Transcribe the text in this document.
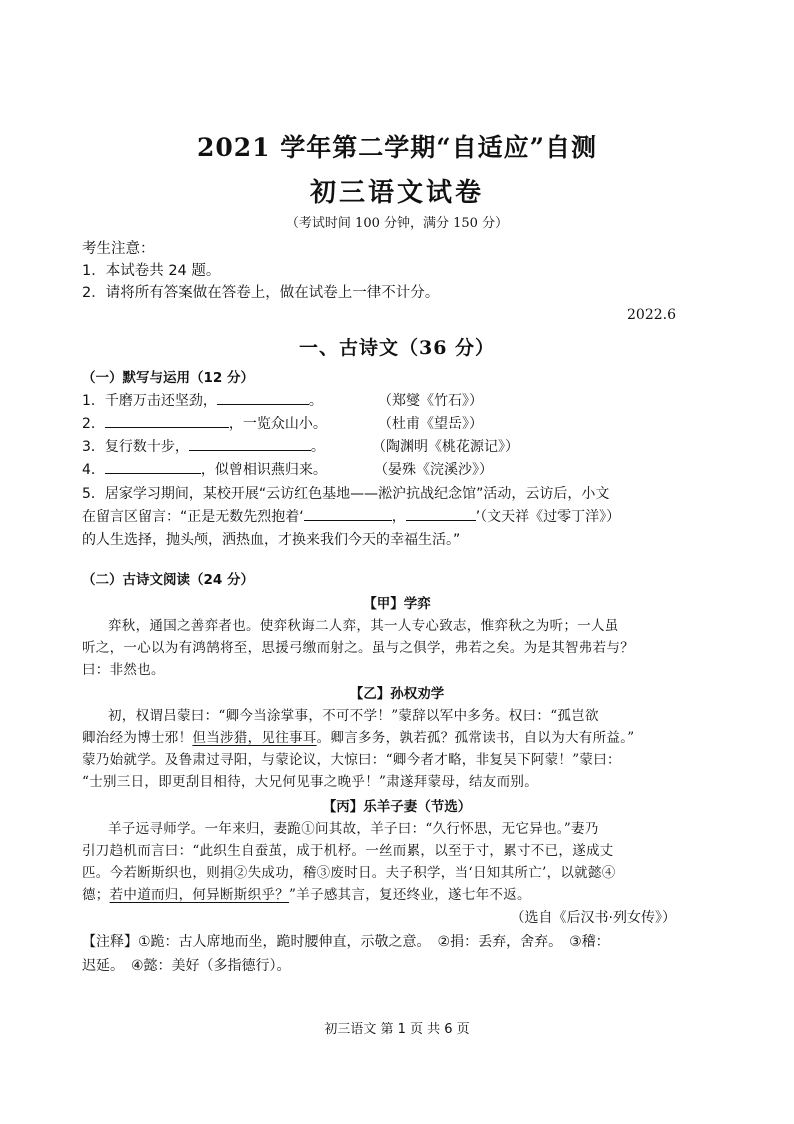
2021 学年第二学期“自适应”自测
初三语文试卷
（考试时间 100 分钟，满分 150 分）
考生注意：
1．本试卷共 24 题。
2．请将所有答案做在答卷上，做在试卷上一律不计分。
2022.6
一、古诗文（36 分）
（一）默写与运用（12 分）
1．千磨万击还坚劲，	。	（郑燮《竹石》）
2．	，一览众山小。	（杜甫《望岳》）
3．复行数十步，	。	（陶渊明《桃花源记》）
4．	，似曾相识燕归来。	（晏殊《浣溪沙》）
5．居家学习期间，某校开展“云访红色基地——淞沪抗战纪念馆”活动，云访后，小文
在留言区留言：“正是无数先烈抱着‘	，	’（文天祥《过零丁洋》）
的人生选择，抛头颅，洒热血，才换来我们今天的幸福生活。”
（二）古诗文阅读（24 分）
【甲】学弈
弈秋，通国之善弈者也。使弈秋诲二人弈，其一人专心致志，惟弈秋之为听；一人虽
听之，一心以为有鸿鹄将至，思援弓缴而射之。虽与之俱学，弗若之矣。为是其智弗若与？
曰：非然也。
【乙】孙权劝学
初，权谓吕蒙曰：“卿今当涂掌事，不可不学！”蒙辞以军中多务。权曰：“孤岂欲
卿治经为博士邪！但当涉猎，见往事耳。卿言多务，孰若孤？孤常读书，自以为大有所益。”
蒙乃始就学。及鲁肃过寻阳，与蒙论议，大惊曰：“卿今者才略，非复吴下阿蒙！”蒙曰：
“士别三日，即更刮目相待，大兄何见事之晚乎！”肃遂拜蒙母，结友而别。
【丙】乐羊子妻（节选）
羊子远寻师学。一年来归，妻跪①问其故，羊子曰：“久行怀思，无它异也。”妻乃
引刀趋机而言曰：“此织生自蚕茧，成于机杼。一丝而累，以至于寸，累寸不已，遂成丈
匹。今若断斯织也，则捐②失成功，稽③废时日。夫子积学，当‘日知其所亡’，以就懿④
德；若中道而归，何异断斯织乎？”羊子感其言，复还终业，遂七年不返。
（选自《后汉书·列女传》）
【注释】①跪：古人席地而坐，跪时腰伸直，示敬之意。　②捐：丢弃，舍弃。　③稽：
迟延。　④懿：美好（多指德行）。
初三语文 第 1 页 共 6 页
